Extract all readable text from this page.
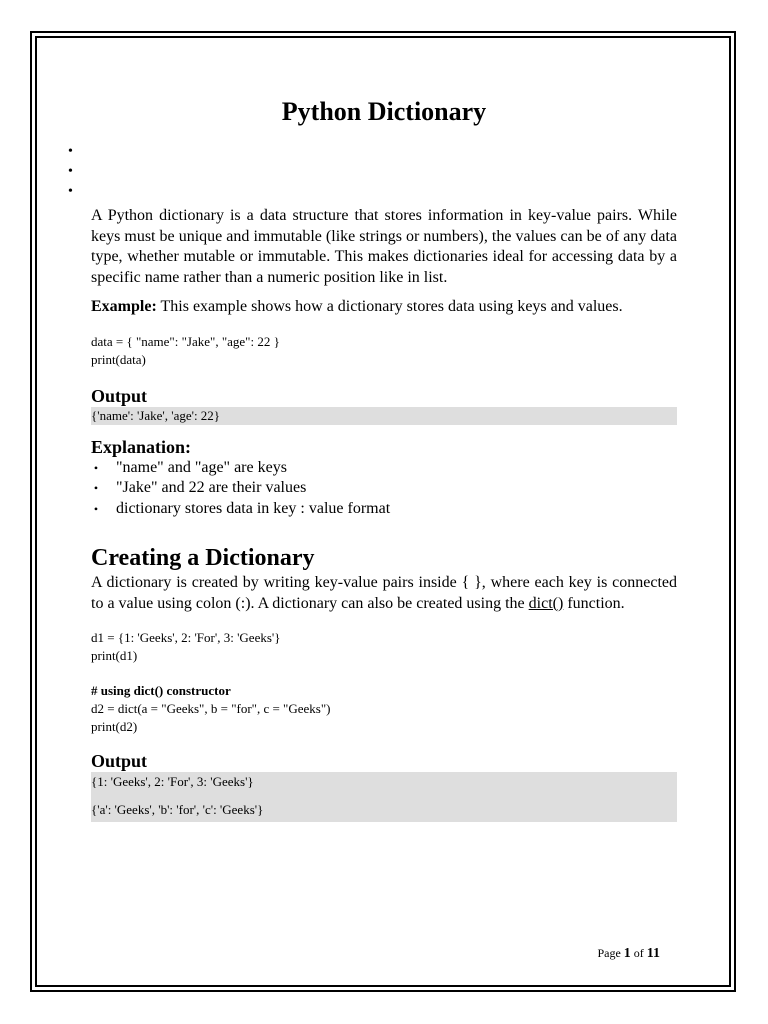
Python Dictionary
•
•
•

A Python dictionary is a data structure that stores information in key-value pairs. While keys must be unique and immutable (like strings or numbers), the values can be of any data type, whether mutable or immutable. This makes dictionaries ideal for accessing data by a specific name rather than a numeric position like in list.

Example: This example shows how a dictionary stores data using keys and values.

data = { "name": "Jake", "age": 22 }
print(data)
Output
{'name': 'Jake', 'age': 22}
Explanation:
• "name" and "age" are keys
• "Jake" and 22 are their values
• dictionary stores data in key : value format
Creating a Dictionary

A dictionary is created by writing key-value pairs inside { }, where each key is connected to a value using colon (:). A dictionary can also be created using the dict() function.

d1 = {1: 'Geeks', 2: 'For', 3: 'Geeks'}
print(d1)
# using dict() constructor
d2 = dict(a = "Geeks", b = "for", c = "Geeks")
print(d2)
Output
{1: 'Geeks', 2: 'For', 3: 'Geeks'}
{'a': 'Geeks', 'b': 'for', 'c': 'Geeks'}
Page 1 of 11
